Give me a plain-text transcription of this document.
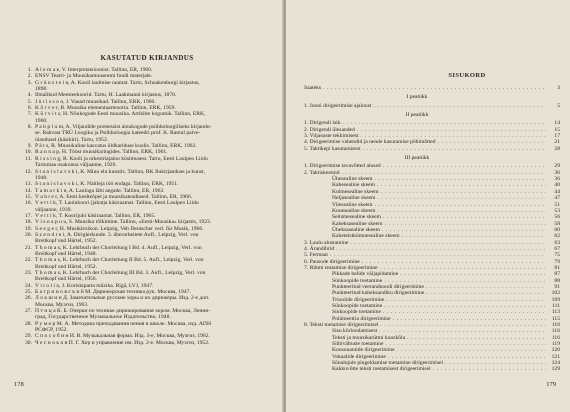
KASUTATUD KIRJANDUS
1. A l e m a e, V. Interpretatsioonist. Tallinn, ER, 1960.
2. ENSV Teatri- ja Muusikamuuseumi fondi materjale.
3. G r ü n s t e i n, A. Kooli laulmise raamat. Tartu, Schnakenburgi kirjastus,
1898.
4. Ilmalikud Meesteekoorid. Tartu, H. Laakmanni kirjastus, 1870.
5. J ü r i s s o n, J. Vanad muusikad. Tallinn, ERK, 1960.
6. K õ r v e r, B. Muusika elementaarteooria. Tallinn, ERK, 1959.
7. K õ r v i t s, H. Nõukogude Eesti muusika. Artiklite kogumik. Tallinn, ERK,
1960.
8. P a b p l u m, A. Viljandide protsessist ainukogude psühholoogiliseks kirjandu-
se. Rahvast TRÜ Loogika ja Psühholoogia kateedri prof. K. Ramul palve-
ülandusel (käsikiri). Tartu, 1952.
9. P ä t s, R. Muusikaline kasvatus üldhariduse koolis. Tallinn, ERK, 1962.
10. R a n n a p, H. Tööst muusikaringides. Tallinn, ERK, 1961.
11. R i s s i n g, R. Kooli ja orkestriajaloo küsimusest. Tartu, Eesti Laulpeo Liidu
Tartumaa osakonna väljaanne, 1926.
12. S t a n i s l a v s k i, K. Minu elu kunstis. Tallinn, RK Ilukirjanduse ja kunst,
1948.
13. S t a n i s l a v s k i, K. Näitleja töö endaga. Tallinn, ERK, 1951.
14. T a m a r k i n, A. Lauloga läbi aegade. Tallinn, ER, 1963.
15. V a h t e r, A. Eesti keelteõpet ja muusikateadlased. Tallinn, ER, 1966.
16. V e t t i k, T. Laulukoori (jahatja käsiraamat. Tallinn, Eesti Laulpeo Liidu
väljaanne, 1939.
17. V e t t i k, T. Koorijuhi käsiraamat. Tallinn, ER, 1965.
18. V i s n a p u u, S. Muusika tõlkimine. Tallinn, «Eesti-Muusika» kirjastis, 1923.
19. S e e g e r, H. Musiklexikon. Leipzig, Veb Deutscher verl. für Musik, 1966.
20. S z e n d r e i, A. Dirigierkunde. 3. überarbeitete Aufl., Leipzig, Verl. von
Breitkopf und Härtel, 1952.
21. T h o m a s, K. Lehrbuch der Chorleitung I Bd. 4. Aufl., Leipzig, Verl. von
Breitkopf und Härtel, 1948.
22. T h o m a s, K. Lehrbuch der Chorleitung II Bd. 5. Aufl., Leipzig, Verl. von
Breitkopf und Härtel, 1952.
23. T h o m a s, K. Lehrbuch der Chorleitung III Bd. 3. Aufl., Leipzig, Verl. von
Breitkopf und Härtel, 1956.
24. V i t o l i n, J. Koriskiparta mūzika. Rīgā, LVJ, 1947.
25. Б а г р и н о в с к и й М. Дирижерская техника рук. Москва, 1947.
26. Л о к ш и н Д. Замечательные русские хоры и их дирижеры. Изд. 2-е доп.
Москва, Музгиз, 1963.
27. П т и ц а К. Б. Очерки по технике дирижирования хором. Москва, Ленин-
град, Государственное Музыкальное Издательство, 1948.
28. Р у м е р М. А. Методика преподавания пения в школе. Москва, изд. АПН
РСФСР, 1952.
29. С п о с о б и н И. В. Музыкальная форма. Изд. 3-е, Москва, Музгиз, 1962.
30. Ч е с н о к о в П. Г. Хор и управление им. Изд. 2-е. Москва, Музгиз, 1952.
178
SISUKORD
Saateks . . .	3
I peatükk
1. Jooni dirigeerimise ajaloost . . .	5
II peatükk
1. Dirigendi isik . . .	14
2. Dirigendi ülesanded . . .	15
3. Viljasuste tekkimisest . . .	17
4. Dirigeerimise vahendid ja nende kasutamise põhimõtted . . .	21
5. Taktikepi kasutamisest . . .	28
III peatükk
1. Dirigeerimise tavavõtted alused . . .	29
2. Taktiskeemid . . .	36
Ühesealine skeem . . .	36
Kahesealine skeem . . .	40
Kolmesealine skeem . . .	44
Neljasealine skeem . . .	47
Viiesealine skeem . . .	51
Kuuesealine skeem . . .	53
Seitsmesealine skeem . . .	56
Kaheksasealine skeem . . .	58
Üheksasealine skeem . . .	60
Kaheteistkümnesealine skeem . . .	62
3. Laulu alustamine . . .	63
4. Ärandibrid . . .	67
5. Fermaat . . .	75
6. Pausode dirigeerimine . . .	79
7. Rütmi teatamise dirigeerimine . . .	81
Pikkade helide väljapidamine . . .	87
Sünkoopide toetamine . . .	88
Punkteeritud veerandnoodi dirigeerimine . . .	91
Punkteeritud kaheksandiku dirigeerimine . . .	102
Trioolide dirigeerimine . . .	109
Sünkoopide toetamine . . .	111
Sinkoopide toetamine . . .	113
Polümeetria dirigeerimine . . .	115
8. Teksti toetamise dirigeerimisel . . .	116
Sisu kõrlondamisest . . .	116
Teksti ja muusikarütmi kooskõla . . .	116
Silbivältuste toetamine . . .	119
Konsonantide dirigeerimine . . .	120
Vokaalide dirigeerimine . . .	121
Sõnalujule pingeldamise toetamine dirigeerimisel . . .	124
Kakkuvõtte teksti toetamisest dirigeerimisel . . .	129
179
